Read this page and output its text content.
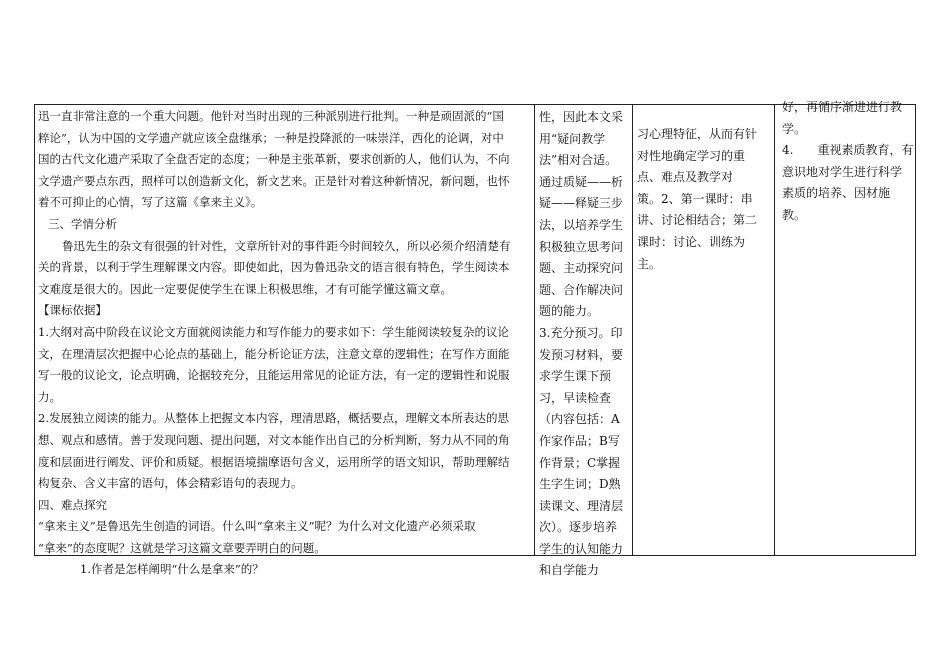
迅一直非常注意的一个重大问题。他针对当时出现的三种派别进行批判。一种是顽固派的“国

粹论”，认为中国的文学遗产就应该全盘继承；一种是投降派的一味崇洋，西化的论调，对中

国的古代文化遗产采取了全盘否定的态度；一种是主张革新，要求创新的人，他们认为，不向

文学遗产要点东西，照样可以创造新文化，新文艺来。正是针对着这种新情况，新问题，也怀

着不可抑止的心情，写了这篇《拿来主义》。

三、学情分析

鲁迅先生的杂文有很强的针对性，文章所针对的事件距今时间较久，所以必须介绍清楚有

关的背景，以利于学生理解课文内容。即使如此，因为鲁迅杂文的语言很有特色，学生阅读本

文难度是很大的。因此一定要促使学生在课上积极思维，才有可能学懂这篇文章。

【课标依据】

1.大纲对高中阶段在议论文方面就阅读能力和写作能力的要求如下：学生能阅读较复杂的议论

文，在理清层次把握中心论点的基础上，能分析论证方法，注意文章的逻辑性；在写作方面能

写一般的议论文，论点明确，论据较充分，且能运用常见的论证方法，有一定的逻辑性和说服

力。

2.发展独立阅读的能力。从整体上把握文本内容，理清思路，概括要点，理解文本所表达的思

想、观点和感情。善于发现问题、提出问题，对文本能作出自己的分析判断，努力从不同的角

度和层面进行阐发、评价和质疑。根据语境揣摩语句含义，运用所学的语文知识，帮助理解结

构复杂、含义丰富的语句，体会精彩语句的表现力。

四、难点探究

“拿来主义”是鲁迅先生创造的词语。什么叫“拿来主义”呢？为什么对文化遗产必须采取

“拿来”的态度呢？这就是学习这篇文章要弄明白的问题。

1.作者是怎样阐明“什么是拿来”的？

性，因此本文采

用“疑问教学

法”相对合适。

通过质疑——析

疑——释疑三步

法，以培养学生

积极独立思考问

题、主动探究问

题、合作解决问

题的能力。

3.充分预习。印

发预习材料，要

求学生课下预

习，早读检查

（内容包括：A

作家作品；B写

作背景；C掌握

生字生词；D熟

读课文、理清层

次）。逐步培养

学生的认知能力

和自学能力

习心理特征，从而有针

对性地确定学习的重

点、难点及教学对

策。2、第一课时：串

讲、讨论相结合；第二

课时：讨论、训练为

主。

好，再循序渐进进行教

学。

4.　　重视素质教育，有

意识地对学生进行科学

素质的培养、因材施

教。
